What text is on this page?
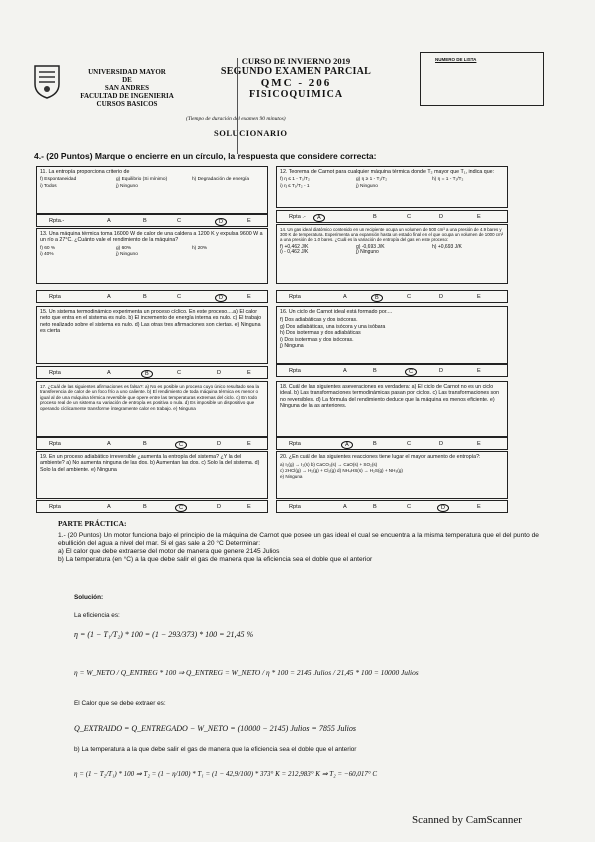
UNIVERSIDAD MAYOR
DE
SAN ANDRES
FACULTAD DE INGENIERIA
CURSOS BASICOS
CURSO DE INVIERNO 2019
SEGUNDO EXAMEN PARCIAL
QMC - 206
FISICOQUIMICA
(Tiempo de duración del examen 90 minutos)
SOLUCIONARIO
NUMERO DE LISTA
4.- (20 Puntos) Marque o encierre en un círculo, la respuesta que considere correcta:
11. La entropía proporciona criterio de
f) Espontaneidad	g) Equilibrio (Si mínimo)	h) Degradación de energía
i) Todos	j) Ninguno
Rpta.-	A	B	C	D	E
13. Una máquina térmica toma 16000 W de calor de una caldera a 1200 K y expulsa 9600 W a un río a 27°C. ¿Cuánto vale el rendimiento de la máquina?
f) 60 %	g) 60%	h) 20%
i) 40%	j) Ninguno
Rpta	A	B	C	D	E
15. Un sistema termodinámico experimenta un proceso cíclico. En este proceso....a) El calor neto que entra en el sistema es nulo. b) El incremento de energía interna es nulo. c) El trabajo neto realizado sobre el sistema es nulo. d) Las otras tres afirmaciones son ciertas. e) Ninguna es cierta
Rpta	A	B	C	D	E
17. ¿Cuál de las siguientes afirmaciones es falsa?: a) No es posible un proceso cuyo único resultado sea la transferencia de calor de un foco frío a uno caliente. b) El rendimiento de toda máquina térmica es menor o igual al de una máquina térmica reversible que opere entre las temperaturas extremas del ciclo. c) En todo proceso real de un sistema su variación de entropía es positiva o nula. d) Es imposible un dispositivo que operando cíclicamente transforme íntegramente calor en trabajo. e) Ninguna
Rpta	A	B	C	D	E
19. En un proceso adiabático irreversible ¿aumenta la entropía del sistema? ¿Y la del ambiente? a) No aumenta ninguna de las dos. b) Aumentan las dos. c) Solo la del sistema. d) Solo la del ambiente. e) Ninguna
Rpta	A	B	C	D	E
12. Teorema de Carnot para cualquier máquina térmica donde T₂ mayor que T₁, indica que:
f) η ≤ 1 - T₁/T₂	g) η ≥ 1 - T₁/T₂	h) η = 1 - T₁/T₂
i) η ≤ T₁/T₂ - 1	j) Ninguno
Rpta .-	A	B	C	D	E
14. Un gas ideal diatómico contenido en un recipiente ocupa un volumen de 500 cm³ a una presión de 4.9 bares y 300 K de temperatura. Experimenta una expansión hasta un estado final en el que ocupa un volumen de 1000 cm³ a una presión de 1.0 bares. ¿Cuál es la variación de entropía del gas en este proceso:
f) +0,462 J/K	g) -0,693 J/K	h) +0,693 J/K
i) - 0,462 J/K	j) Ninguno
Rpta	A	B	C	D	E
16. Un ciclo de Carnot ideal está formado por....
f) Dos adiabáticas y dos isócoras.
g) Dos adiabáticas, una isócora y una isóbara
h) Dos isotermas y dos adiabáticas
i) Dos isotermas y dos isócoras.
j) Ninguna
Rpta	A	B	C	D	E
18. Cuál de las siguientes aseveraciones es verdadera: a) El ciclo de Carnot no es un ciclo ideal. b) Las transformaciones termodinámicas pasan por ciclos. c) Las transformaciones son no reversibles. d) La fórmula del rendimiento deduce que la máquina es menos eficiente. e) Ninguna de la as anteriores.
Rpta	A	B	C	D	E
20. ¿En cuál de las siguientes reacciones tiene lugar el mayor aumento de entropía?:
a) I₂(g) → I₂(s) b) CaCO₃(s) → CaO(s) + SO₂(s)
c) 2HCl(g) → H₂(g) + Cl₂(g) d) NH₄HS(s) → H₂S(g) + NH₃(g)
e) Ninguna
Rpta	A	B	C	D	E
PARTE PRÁCTICA:
1.- (20 Puntos) Un motor funciona bajo el principio de la máquina de Carnot que posee un gas ideal el cual se encuentra a la misma temperatura que el del punto de ebullición del agua a nivel del mar. Si el gas sale a 20 °C Determinar:
a) El calor que debe extraerse del motor de manera que genere 2145 Julios
b) La temperatura (en °C) a la que debe salir el gas de manera que la eficiencia sea el doble que el anterior
Solución:
La eficiencia es:
η = (1 − T₁/T₂) * 100 = (1 − 293/373) * 100 = 21,45 %
η = W_NETO / Q_ENTREG * 100 ⇒ Q_ENTREG = W_NETO / η * 100 = 2145 Julios / 21,45 * 100 = 10000 Julios
El Calor que se debe extraer es:
Q_EXTRAIDO = Q_ENTREGADO − W_NETO = (10000 − 2145) Julios = 7855 Julios
b) La temperatura a la que debe salir el gas de manera que la eficiencia sea el doble que el anterior
η = (1 − T₂/T₁) * 100 ⇒ T₂ = (1 − η/100) * T₁ = (1 − 42,9/100) * 373° K = 212,983° K ⇒ T₂ = −60,017° C
Scanned by CamScanner
